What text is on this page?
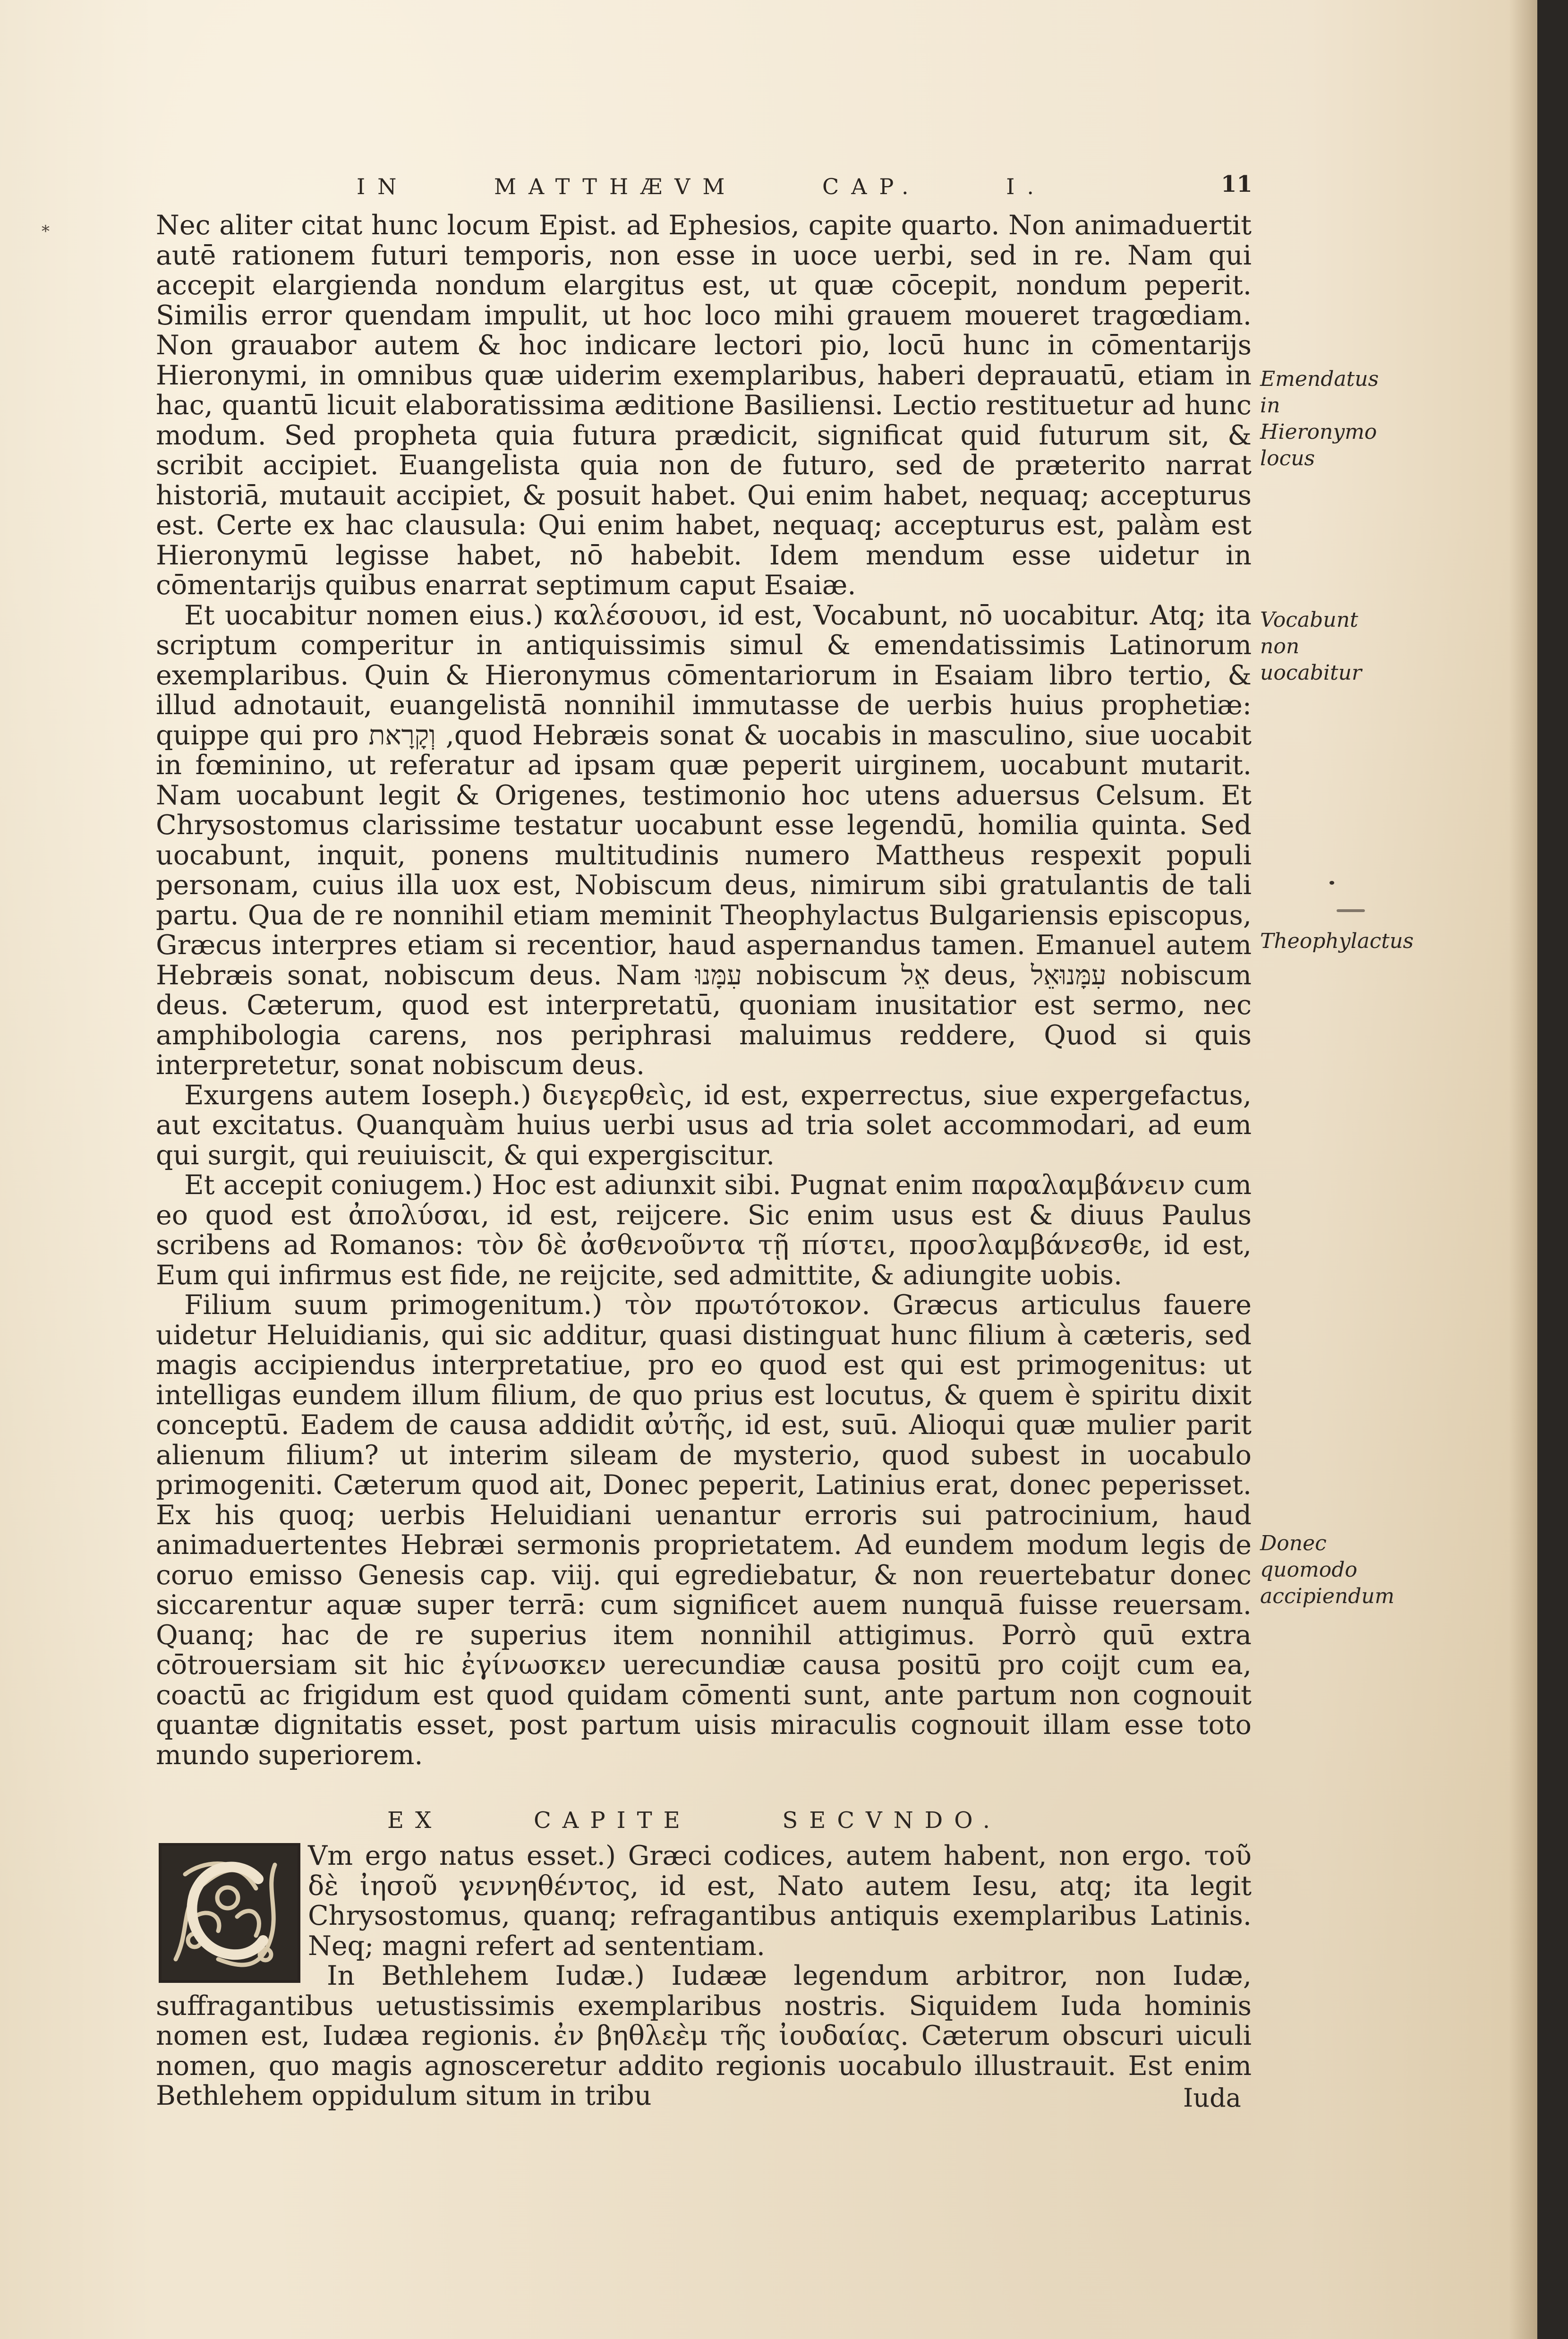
IN	MATTHÆVM	CAP.	I.	11
*	Nec aliter citat hunc locum Epist. ad Ephesios, capite quarto. Non animaduertit autē rationem futuri temporis, non esse in uoce uerbi, sed in re. Nam qui accepit elargienda nondum elargitus est, ut quæ cōcepit, nondum peperit. Similis error quendam impulit, ut hoc loco mihi grauem moueret tragœdiam. Non grauabor autem & hoc indicare lectori pio, locū hunc in cōmentarijs Hieronymi, in omnibus quæ uiderim exemplaribus, haberi deprauatū, etiam in hac, quantū licuit elaboratissima æditione Basiliensi. Lectio restituetur ad hunc modum. Sed propheta quia futura prædicit, significat quid futurum sit, & scribit accipiet. Euangelista quia non de futuro, sed de præterito narrat historiā, mutauit accipiet, & posuit habet. Qui enim habet, nequaq; accepturus est. Certe ex hac clausula: Qui enim habet, nequaq; accepturus est, palàm est Hieronymū legisse habet, nō habebit. Idem mendum esse uidetur in cōmentarijs quibus enarrat septimum caput Esaiæ.

Et uocabitur nomen eius.) καλέσουσι, id est, Vocabunt, nō uocabitur. Atq; ita scriptum comperitur in antiquissimis simul & emendatissimis Latinorum exemplaribus. Quin & Hieronymus cōmentariorum in Esaiam libro tertio, & illud adnotauit, euangelistā nonnihil immutasse de uerbis huius prophetiæ: quippe qui pro וְקָרָאת ,quod Hebræis sonat & uocabis in masculino, siue uocabit in fœminino, ut referatur ad ipsam quæ peperit uirginem, uocabunt mutarit. Nam uocabunt legit & Origenes, testimonio hoc utens aduersus Celsum. Et Chrysostomus clarissime testatur uocabunt esse legendū, homilia quinta. Sed uocabunt, inquit, ponens multitudinis numero Mattheus respexit populi personam, cuius illa uox est, Nobiscum deus, nimirum sibi gratulantis de tali partu. Qua de re nonnihil etiam meminit Theophylactus Bulgariensis episcopus, Græcus interpres etiam si recentior, haud aspernandus tamen. Emanuel autem Hebræis sonat, nobiscum deus. Nam עִמָּנוּ nobiscum אֵל deus, עִמָּנוּאֵל nobiscum deus. Cæterum, quod est interpretatū, quoniam inusitatior est sermo, nec amphibologia carens, nos periphrasi maluimus reddere, Quod si quis interpretetur, sonat nobiscum deus.

Exurgens autem Ioseph.) διεγερθεὶς, id est, experrectus, siue expergefactus, aut excitatus. Quanquàm huius uerbi usus ad tria solet accommodari, ad eum qui surgit, qui reuiuiscit, & qui expergiscitur.

Et accepit coniugem.) Hoc est adiunxit sibi. Pugnat enim παραλαμβάνειν cum eo quod est ἀπολύσαι, id est, reijcere. Sic enim usus est & diuus Paulus scribens ad Romanos: τὸν δὲ ἀσθενοῦντα τῇ πίστει, προσλαμβάνεσθε, id est, Eum qui infirmus est fide, ne reijcite, sed admittite, & adiungite uobis.

Filium suum primogenitum.) τὸν πρωτότοκον. Græcus articulus fauere uidetur Heluidianis, qui sic additur, quasi distinguat hunc filium à cæteris, sed magis accipiendus interpretatiue, pro eo quod est qui est primogenitus: ut intelligas eundem illum filium, de quo prius est locutus, & quem è spiritu dixit conceptū. Eadem de causa addidit αὐτῆς, id est, suū. Alioqui quæ mulier parit alienum filium? ut interim sileam de mysterio, quod subest in uocabulo primogeniti. Cæterum quod ait, Donec peperit, Latinius erat, donec peperisset. Ex his quoq; uerbis Heluidiani uenantur erroris sui patrocinium, haud animaduertentes Hebræi sermonis proprietatem. Ad eundem modum legis de coruo emisso Genesis cap. viij. qui egrediebatur, & non reuertebatur donec siccarentur aquæ super terrā: cum significet auem nunquā fuisse reuersam. Quanq; hac de re superius item nonnihil attigimus. Porrò quū extra cōtrouersiam sit hic ἐγίνωσκεν uerecundiæ causa positū pro coijt cum ea, coactū ac frigidum est quod quidam cōmenti sunt, ante partum non cognouit quantæ dignitatis esset, post partum uisis miraculis cognouit illam esse toto mundo superiorem.

Emendatus in Hieronymo locus
Vocabunt non uocabitur
Theophylactus
Donec quomodo accipiendum
EX	CAPITE	SECVNDO.

Vm ergo natus esset.) Græci codices, autem habent, non ergo. τοῦ δὲ ἰησοῦ γεννηθέντος, id est, Nato autem Iesu, atq; ita legit Chrysostomus, quanq; refragantibus antiquis exemplaribus Latinis. Neq; magni refert ad sententiam.

In Bethlehem Iudæ.) Iudææ legendum arbitror, non Iudæ, suffragantibus uetustissimis exemplaribus nostris. Siquidem Iuda hominis nomen est, Iudæa regionis. ἐν βηθλεὲμ τῆς ἰουδαίας. Cæterum obscuri uiculi nomen, quo magis agnosceretur addito regionis uocabulo illustrauit. Est enim Bethlehem oppidulum situm in tribu	Iuda
